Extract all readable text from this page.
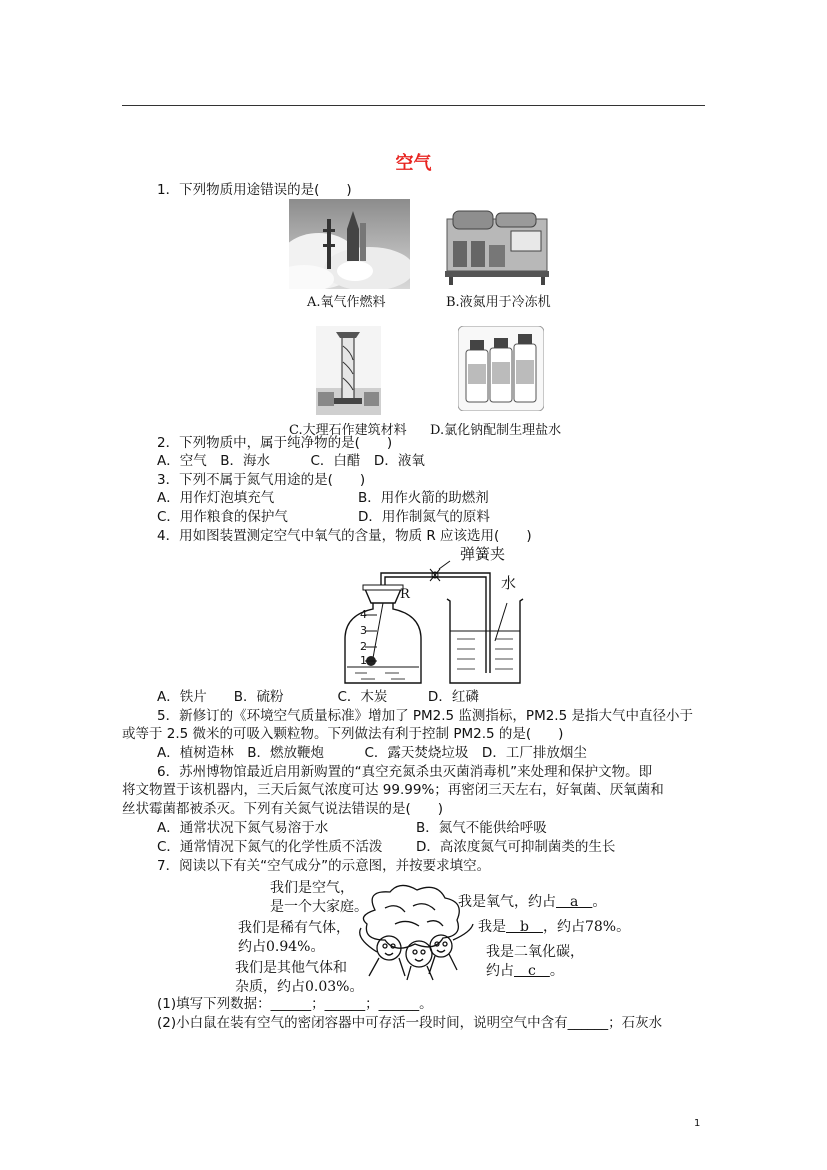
空气
1．下列物质用途错误的是(　　)
A.氧气作燃料	B.液氮用于冷冻机
C.大理石作建筑材料 D.氯化钠配制生理盐水
2．下列物质中，属于纯净物的是(　　)
A．空气　B．海水　　　C．白醋　D．液氧
3．下列不属于氮气用途的是(　　)
A．用作灯泡填充气	B．用作火箭的助燃剂
C．用作粮食的保护气	D．用作制氮气的原料
4．用如图装置测定空气中氧气的含量，物质 R 应该选用(　　)
弹簧夹
水
R
4
3
2
1
A．铁片　　B．硫粉　　　　C．木炭　　　D．红磷
5．新修订的《环境空气质量标准》增加了 PM2.5 监测指标，PM2.5 是指大气中直径小于
或等于 2.5 微米的可吸入颗粒物。下列做法有利于控制 PM2.5 的是(　　)
A．植树造林　B．燃放鞭炮　　　C．露天焚烧垃圾　D．工厂排放烟尘
6．苏州博物馆最近启用新购置的“真空充氮杀虫灭菌消毒机”来处理和保护文物。即
将文物置于该机器内，三天后氮气浓度可达 99.99%；再密闭三天左右，好氧菌、厌氧菌和
丝状霉菌都被杀灭。下列有关氮气说法错误的是(　　)
A．通常状况下氮气易溶于水	B．氮气不能供给呼吸
C．通常情况下氮气的化学性质不活泼 D．高浓度氮气可抑制菌类的生长
7．阅读以下有关“空气成分”的示意图，并按要求填空。
我们是空气，
是一个大家庭。	我是氧气，约占　a　。
我们是稀有气体，
约占0.94%。
我是　b　，约占78%。
我是二氧化碳，
约占　c　。
我们是其他气体和
杂质，约占0.03%。
(1)填写下列数据：______；______；______。
(2)小白鼠在装有空气的密闭容器中可存活一段时间，说明空气中含有______；石灰水
1
